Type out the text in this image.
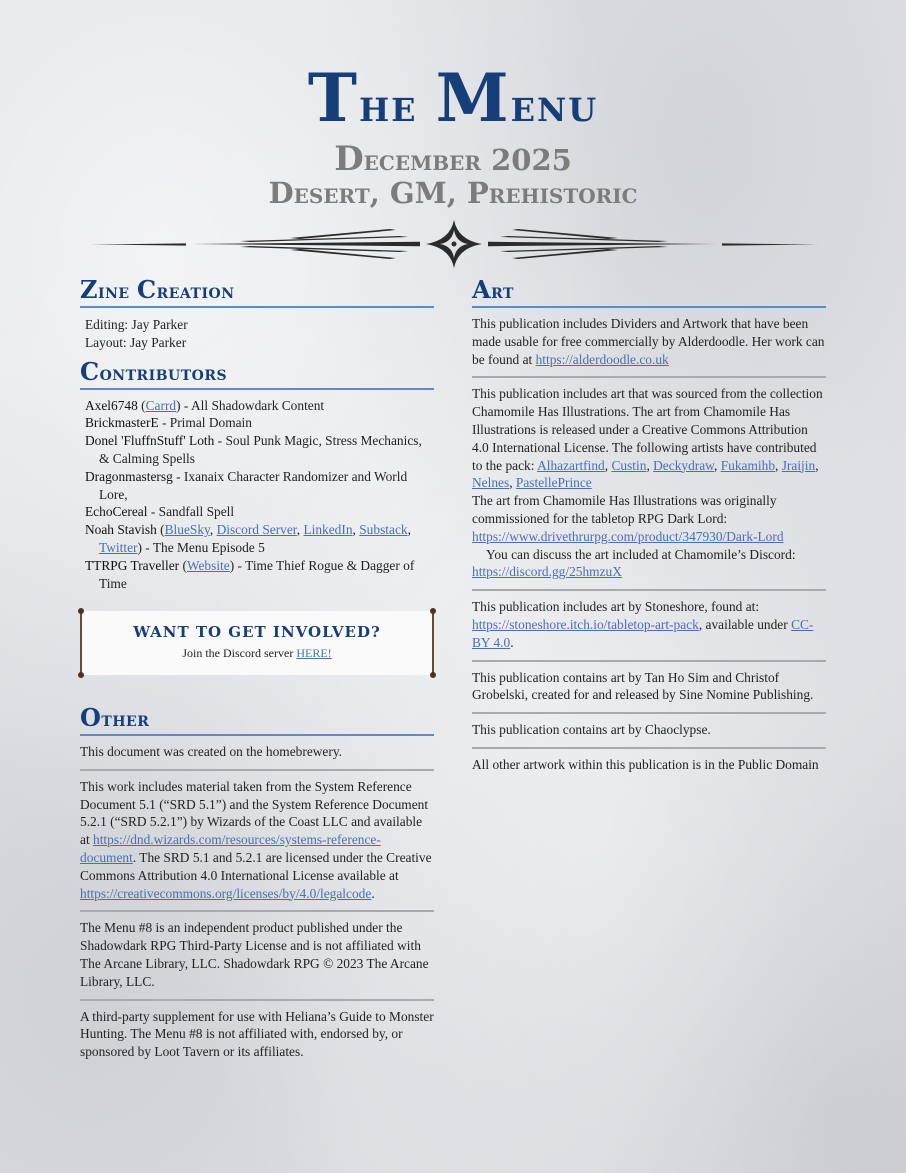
The Menu
December 2025
Desert, GM, Prehistoric
Zine Creation
Editing: Jay Parker
Layout: Jay Parker
Contributors
Axel6748 (Carrd) - All Shadowdark Content
BrickmasterE - Primal Domain
Donel 'FluffnStuff' Loth - Soul Punk Magic, Stress Mechanics, & Calming Spells
Dragonmastersg - Ixanaix Character Randomizer and World Lore,
EchoCereal - Sandfall Spell
Noah Stavish (BlueSky, Discord Server, LinkedIn, Substack, Twitter) - The Menu Episode 5
TTRPG Traveller (Website) - Time Thief Rogue & Dagger of Time
WANT TO GET INVOLVED?
Join the Discord server HERE!
Other

This document was created on the homebrewery.

This work includes material taken from the System Reference Document 5.1 (“SRD 5.1”) and the System Reference Document 5.2.1 (“SRD 5.2.1”) by Wizards of the Coast LLC and available at https://dnd.wizards.com/resources/systems-reference-document. The SRD 5.1 and 5.2.1 are licensed under the Creative Commons Attribution 4.0 International License available at https://creativecommons.org/licenses/by/4.0/legalcode.

The Menu #8 is an independent product published under the Shadowdark RPG Third-Party License and is not affiliated with The Arcane Library, LLC. Shadowdark RPG © 2023 The Arcane Library, LLC.

A third-party supplement for use with Heliana’s Guide to Monster Hunting. The Menu #8 is not affiliated with, endorsed by, or sponsored by Loot Tavern or its affiliates.

Art

This publication includes Dividers and Artwork that have been made usable for free commercially by Alderdoodle. Her work can be found at https://alderdoodle.co.uk

This publication includes art that was sourced from the collection Chamomile Has Illustrations. The art from Chamomile Has Illustrations is released under a Creative Commons Attribution 4.0 International License. The following artists have contributed to the pack: Alhazartfind, Custin, Deckydraw, Fukamihb, Jraijin, Nelnes, PastellePrince

The art from Chamomile Has Illustrations was originally commissioned for the tabletop RPG Dark Lord: https://www.drivethrurpg.com/product/347930/Dark-Lord

You can discuss the art included at Chamomile’s Discord: https://discord.gg/25hmzuX

This publication includes art by Stoneshore, found at: https://stoneshore.itch.io/tabletop-art-pack, available under CC-BY 4.0.

This publication contains art by Tan Ho Sim and Christof Grobelski, created for and released by Sine Nomine Publishing.

This publication contains art by Chaoclypse.

All other artwork within this publication is in the Public Domain
